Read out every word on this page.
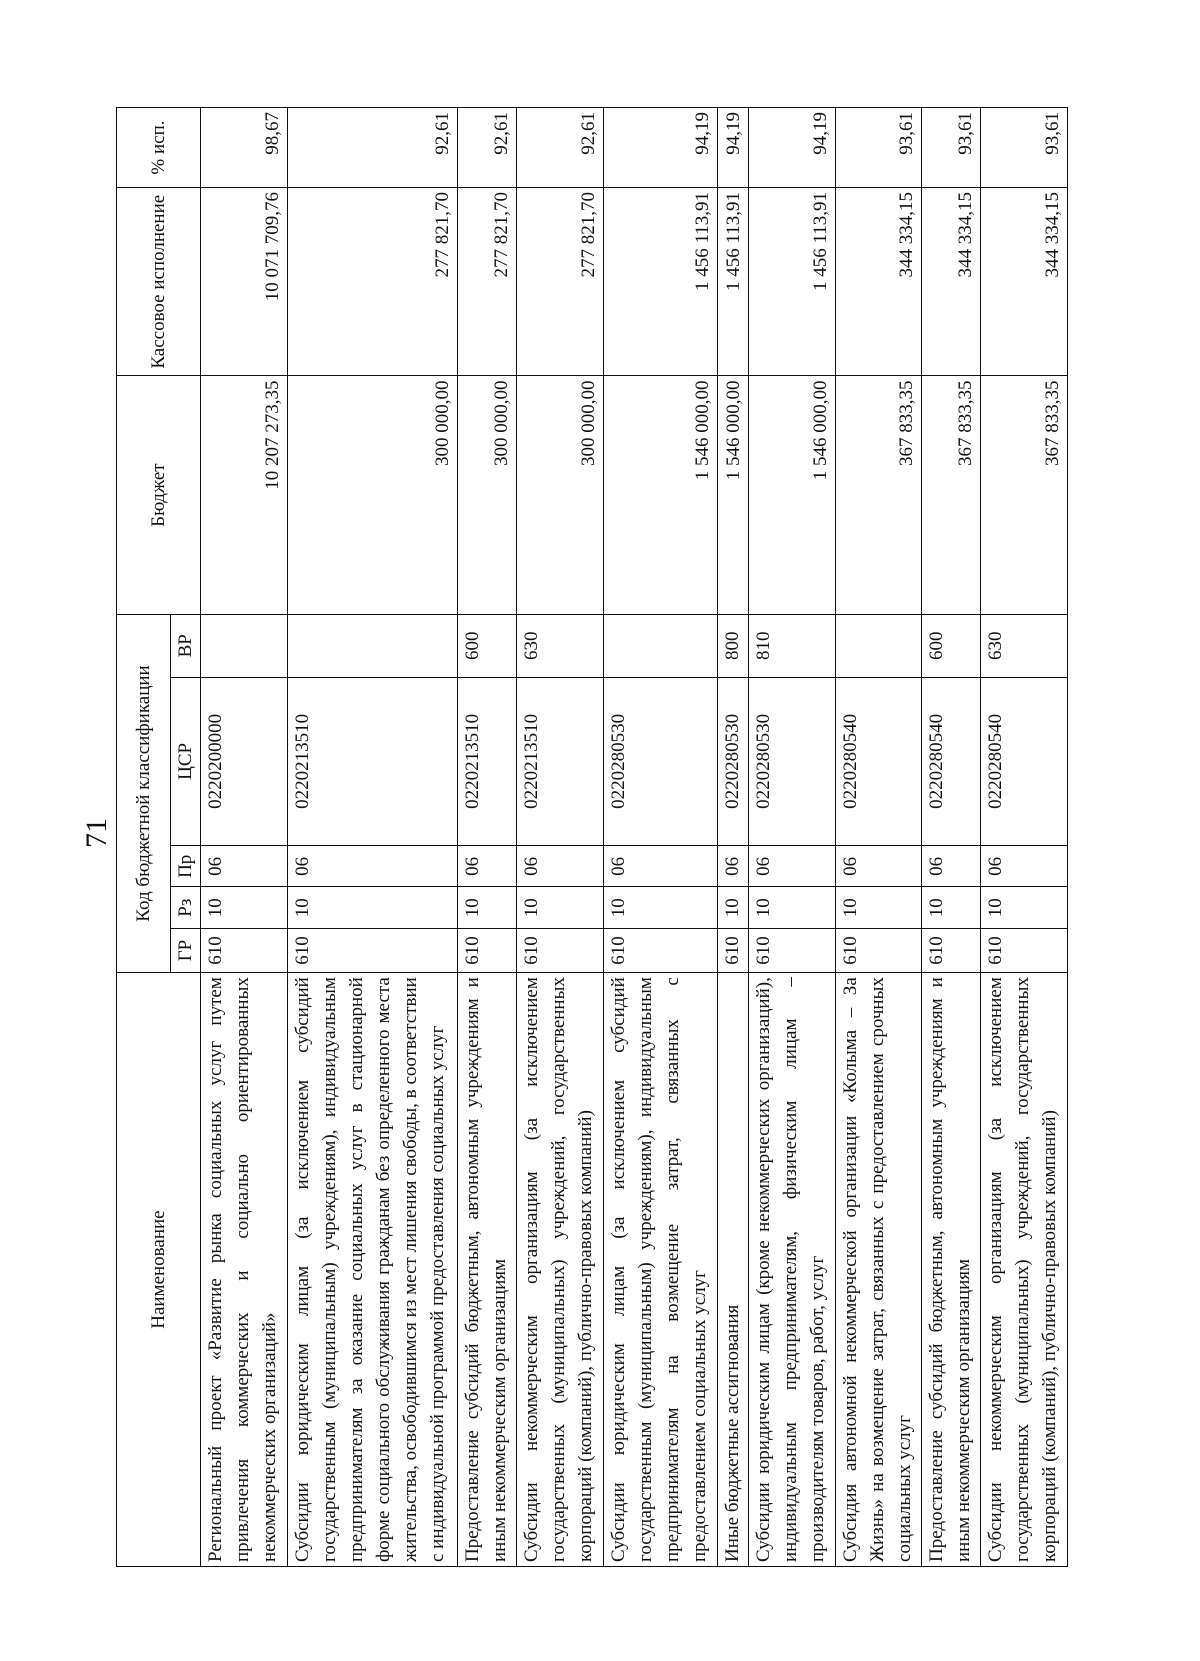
71
Наименование	Код бюджетной классификации					Бюджет	Кассовое исполнение	% исп.
	ГР	Рз	Пр	ЦСР	ВР			
Региональный проект «Развитие рынка социальных услуг путем привлечения коммерческих и социально ориентированных некоммерческих организаций»	610	10	06	0220200000		10 207 273,35	10 071 709,76	98,67
Субсидии юридическим лицам (за исключением субсидий государственным (муниципальным) учреждениям), индивидуальным предпринимателям за оказание социальных услуг в стационарной форме социального обслуживания гражданам без определенного места жительства, освободившимся из мест лишения свободы, в соответствии с индивидуальной программой предоставления социальных услуг	610	10	06	0220213510		300 000,00	277 821,70	92,61
Предоставление субсидий бюджетным, автономным учреждениям и иным некоммерческим организациям	610	10	06	0220213510	600	300 000,00	277 821,70	92,61
Субсидии некоммерческим организациям (за исключением государственных (муниципальных) учреждений, государственных корпораций (компаний), публично-правовых компаний)	610	10	06	0220213510	630	300 000,00	277 821,70	92,61
Субсидии юридическим лицам (за исключением субсидий государственным (муниципальным) учреждениям), индивидуальным предпринимателям на возмещение затрат, связанных с предоставлением социальных услуг	610	10	06	0220280530		1 546 000,00	1 456 113,91	94,19
Иные бюджетные ассигнования	610	10	06	0220280530	800	1 546 000,00	1 456 113,91	94,19
Субсидии юридическим лицам (кроме некоммерческих организаций), индивидуальным предпринимателям, физическим лицам – производителям товаров, работ, услуг	610	10	06	0220280530	810	1 546 000,00	1 456 113,91	94,19
Субсидия автономной некоммерческой организации «Колыма – За Жизнь» на возмещение затрат, связанных с предоставлением срочных социальных услуг	610	10	06	0220280540		367 833,35	344 334,15	93,61
Предоставление субсидий бюджетным, автономным учреждениям и иным некоммерческим организациям	610	10	06	0220280540	600	367 833,35	344 334,15	93,61
Субсидии некоммерческим организациям (за исключением государственных (муниципальных) учреждений, государственных корпораций (компаний), публично-правовых компаний)	610	10	06	0220280540	630	367 833,35	344 334,15	93,61
